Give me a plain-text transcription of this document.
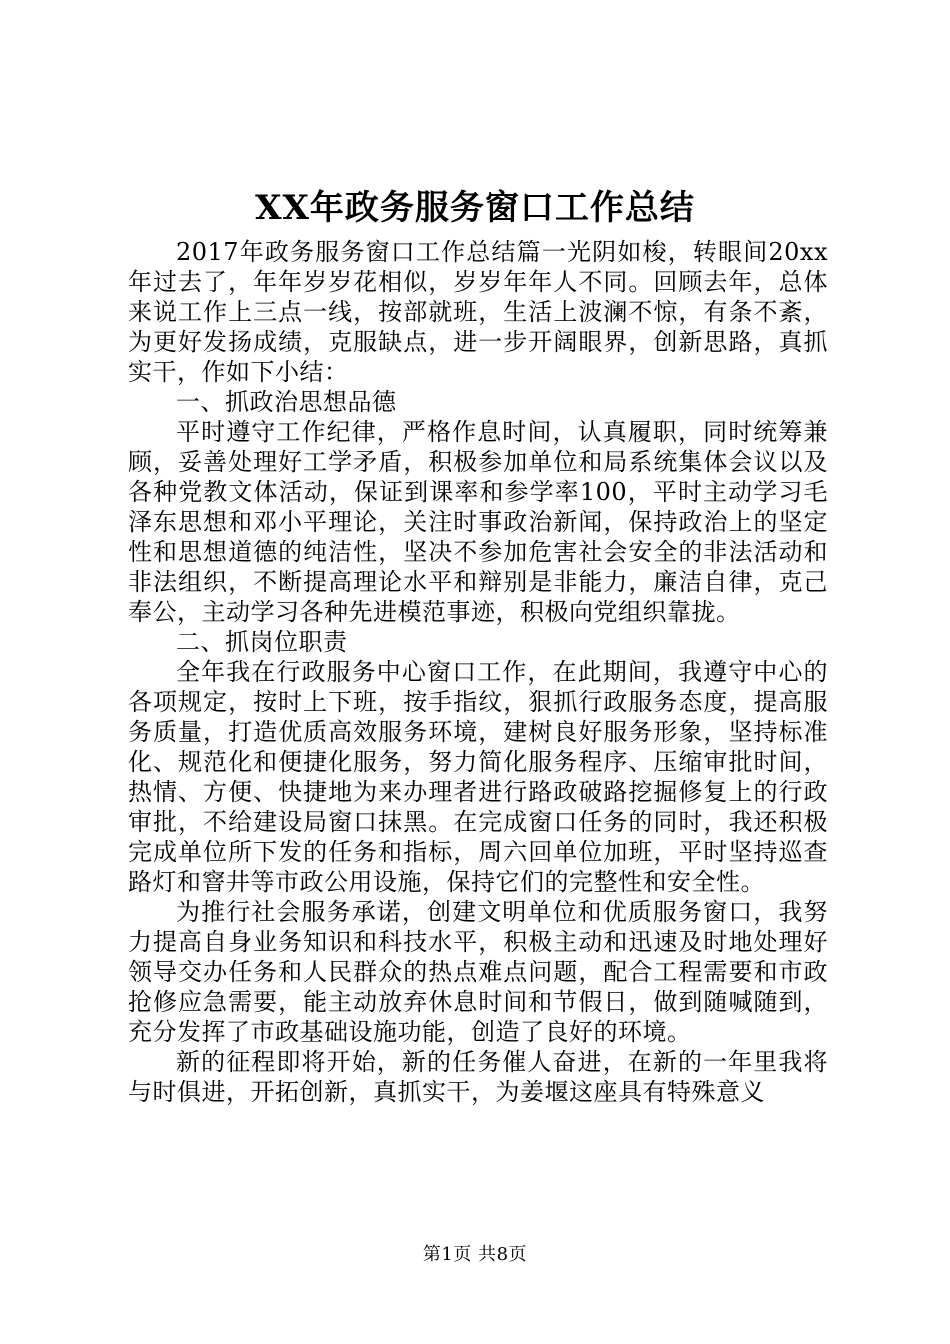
XX年政务服务窗口工作总结

2017年政务服务窗口工作总结篇一光阴如梭，转眼间20xx年过去了，年年岁岁花相似，岁岁年年人不同。回顾去年，总体来说工作上三点一线，按部就班，生活上波澜不惊，有条不紊，为更好发扬成绩，克服缺点，进一步开阔眼界，创新思路，真抓实干，作如下小结：

一、抓政治思想品德

平时遵守工作纪律，严格作息时间，认真履职，同时统筹兼顾，妥善处理好工学矛盾，积极参加单位和局系统集体会议以及各种党教文体活动，保证到课率和参学率100，平时主动学习毛泽东思想和邓小平理论，关注时事政治新闻，保持政治上的坚定性和思想道德的纯洁性，坚决不参加危害社会安全的非法活动和非法组织，不断提高理论水平和辩别是非能力，廉洁自律，克己奉公，主动学习各种先进模范事迹，积极向党组织靠拢。

二、抓岗位职责

全年我在行政服务中心窗口工作，在此期间，我遵守中心的各项规定，按时上下班，按手指纹，狠抓行政服务态度，提高服务质量，打造优质高效服务环境，建树良好服务形象，坚持标准化、规范化和便捷化服务，努力简化服务程序、压缩审批时间，热情、方便、快捷地为来办理者进行路政破路挖掘修复上的行政审批，不给建设局窗口抹黑。在完成窗口任务的同时，我还积极完成单位所下发的任务和指标，周六回单位加班，平时坚持巡查路灯和窨井等市政公用设施，保持它们的完整性和安全性。

为推行社会服务承诺，创建文明单位和优质服务窗口，我努力提高自身业务知识和科技水平，积极主动和迅速及时地处理好领导交办任务和人民群众的热点难点问题，配合工程需要和市政抢修应急需要，能主动放弃休息时间和节假日，做到随喊随到，充分发挥了市政基础设施功能，创造了良好的环境。

新的征程即将开始，新的任务催人奋进，在新的一年里我将与时俱进，开拓创新，真抓实干，为姜堰这座具有特殊意义

第1页 共8页
